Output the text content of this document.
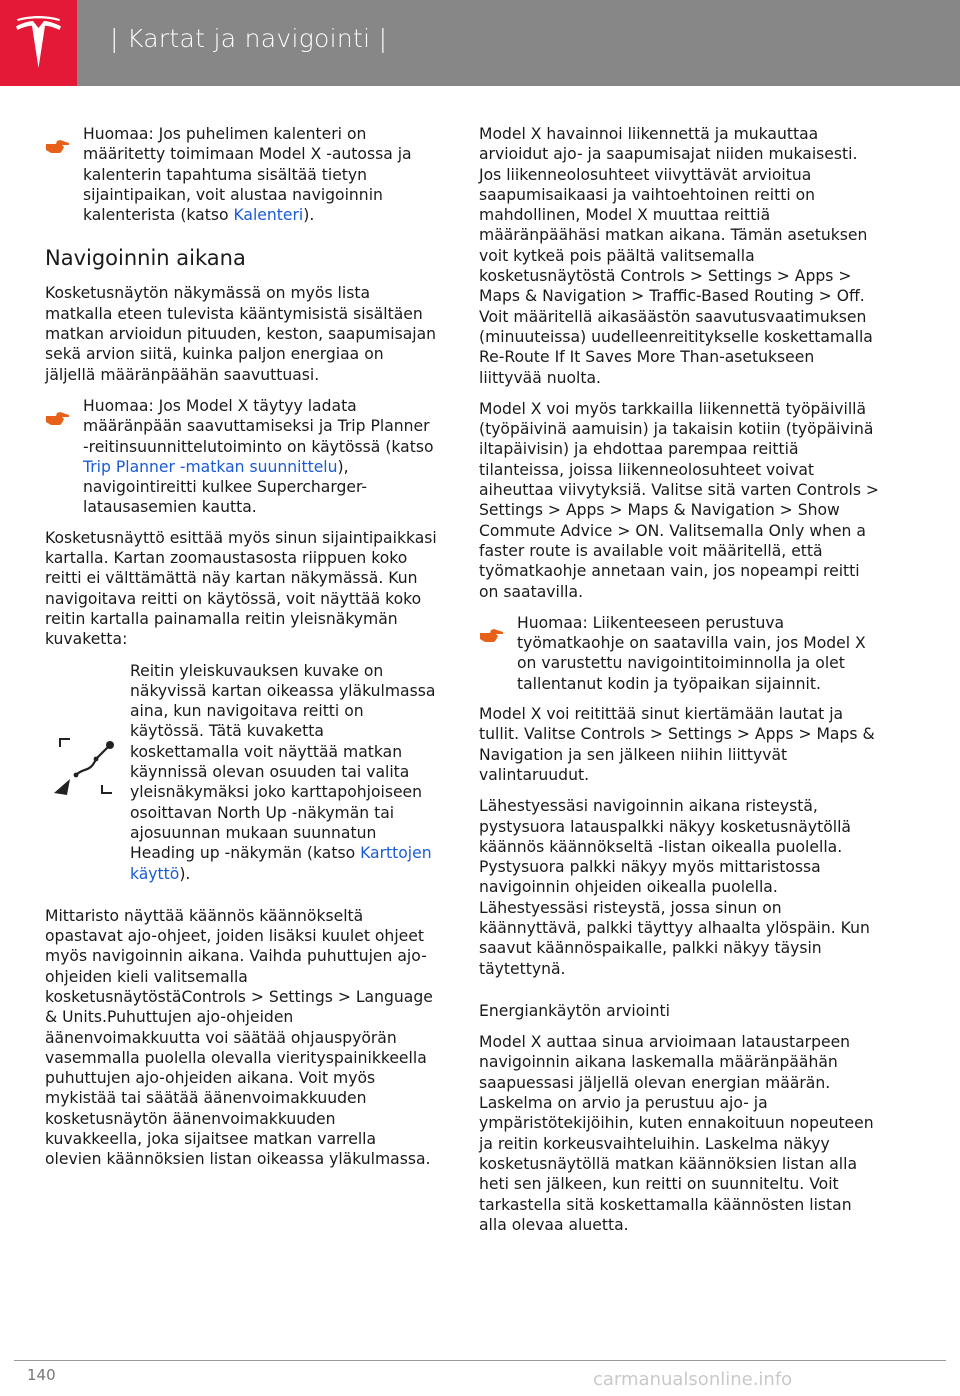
| Kartat ja navigointi |
Huomaa: Jos puhelimen kalenteri on määritetty toimimaan Model X -autossa ja kalenterin tapahtuma sisältää tietyn sijaintipaikan, voit alustaa navigoinnin kalenterista (katso Kalenteri).
Navigoinnin aikana

Kosketusnäytön näkymässä on myös lista matkalla eteen tulevista kääntymisistä sisältäen matkan arvioidun pituuden, keston, saapumisajan sekä arvion siitä, kuinka paljon energiaa on jäljellä määränpäähän saavuttuasi.

Huomaa: Jos Model X täytyy ladata määränpään saavuttamiseksi ja Trip Planner -reitinsuunnittelutoiminto on käytössä (katso Trip Planner -matkan suunnittelu), navigointireitti kulkee Supercharger-latausasemien kautta.

Kosketusnäyttö esittää myös sinun sijaintipaikkasi kartalla. Kartan zoomaustasosta riippuen koko reitti ei välttämättä näy kartan näkymässä. Kun navigoitava reitti on käytössä, voit näyttää koko reitin kartalla painamalla reitin yleisnäkymän kuvaketta:

Reitin yleiskuvauksen kuvake on näkyvissä kartan oikeassa yläkulmassa aina, kun navigoitava reitti on käytössä. Tätä kuvaketta koskettamalla voit näyttää matkan käynnissä olevan osuuden tai valita yleisnäkymäksi joko karttapohjoiseen osoittavan North Up -näkymän tai ajosuunnan mukaan suunnatun Heading up -näkymän (katso Karttojen käyttö).

Mittaristo näyttää käännös käännökseltä opastavat ajo-ohjeet, joiden lisäksi kuulet ohjeet myös navigoinnin aikana. Vaihda puhuttujen ajo-ohjeiden kieli valitsemalla kosketusnäytöstäControls > Settings > Language & Units.Puhuttujen ajo-ohjeiden äänenvoimakkuutta voi säätää ohjauspyörän vasemmalla puolella olevalla vierityspainikkeella puhuttujen ajo-ohjeiden aikana. Voit myös mykistää tai säätää äänenvoimakkuuden kosketusnäytön äänenvoimakkuuden kuvakkeella, joka sijaitsee matkan varrella olevien käännöksien listan oikeassa yläkulmassa.

Model X havainnoi liikennettä ja mukauttaa arvioidut ajo- ja saapumisajat niiden mukaisesti. Jos liikenneolosuhteet viivyttävät arvioitua saapumisaikaasi ja vaihtoehtoinen reitti on mahdollinen, Model X muuttaa reittiä määränpäähäsi matkan aikana. Tämän asetuksen voit kytkeä pois päältä valitsemalla kosketusnäytöstä Controls > Settings > Apps > Maps & Navigation > Traffic-Based Routing > Off. Voit määritellä aikasäästön saavutusvaatimuksen (minuuteissa) uudelleenreititykselle koskettamalla Re-Route If It Saves More Than-asetukseen liittyvää nuolta.

Model X voi myös tarkkailla liikennettä työpäivillä (työpäivinä aamuisin) ja takaisin kotiin (työpäivinä iltapäivisin) ja ehdottaa parempaa reittiä tilanteissa, joissa liikenneolosuhteet voivat aiheuttaa viivytyksiä. Valitse sitä varten Controls > Settings > Apps > Maps & Navigation > Show Commute Advice > ON. Valitsemalla Only when a faster route is available voit määritellä, että työmatkaohje annetaan vain, jos nopeampi reitti on saatavilla.

Huomaa: Liikenteeseen perustuva työmatkaohje on saatavilla vain, jos Model X on varustettu navigointitoiminnolla ja olet tallentanut kodin ja työpaikan sijainnit.

Model X voi reitittää sinut kiertämään lautat ja tullit. Valitse Controls > Settings > Apps > Maps & Navigation ja sen jälkeen niihin liittyvät valintaruudut.

Lähestyessäsi navigoinnin aikana risteystä, pystysuora latauspalkki näkyy kosketusnäytöllä käännös käännökseltä -listan oikealla puolella. Pystysuora palkki näkyy myös mittaristossa navigoinnin ohjeiden oikealla puolella. Lähestyessäsi risteystä, jossa sinun on käännyttävä, palkki täyttyy alhaalta ylöspäin. Kun saavut käännöspaikalle, palkki näkyy täysin täytettynä.

Energiankäytön arviointi

Model X auttaa sinua arvioimaan lataustarpeen navigoinnin aikana laskemalla määränpäähän saapuessasi jäljellä olevan energian määrän. Laskelma on arvio ja perustuu ajo- ja ympäristötekijöihin, kuten ennakoituun nopeuteen ja reitin korkeusvaihteluihin. Laskelma näkyy kosketusnäytöllä matkan käännöksien listan alla heti sen jälkeen, kun reitti on suunniteltu. Voit tarkastella sitä koskettamalla käännösten listan alla olevaa aluetta.

140	carmanualsonline.info
